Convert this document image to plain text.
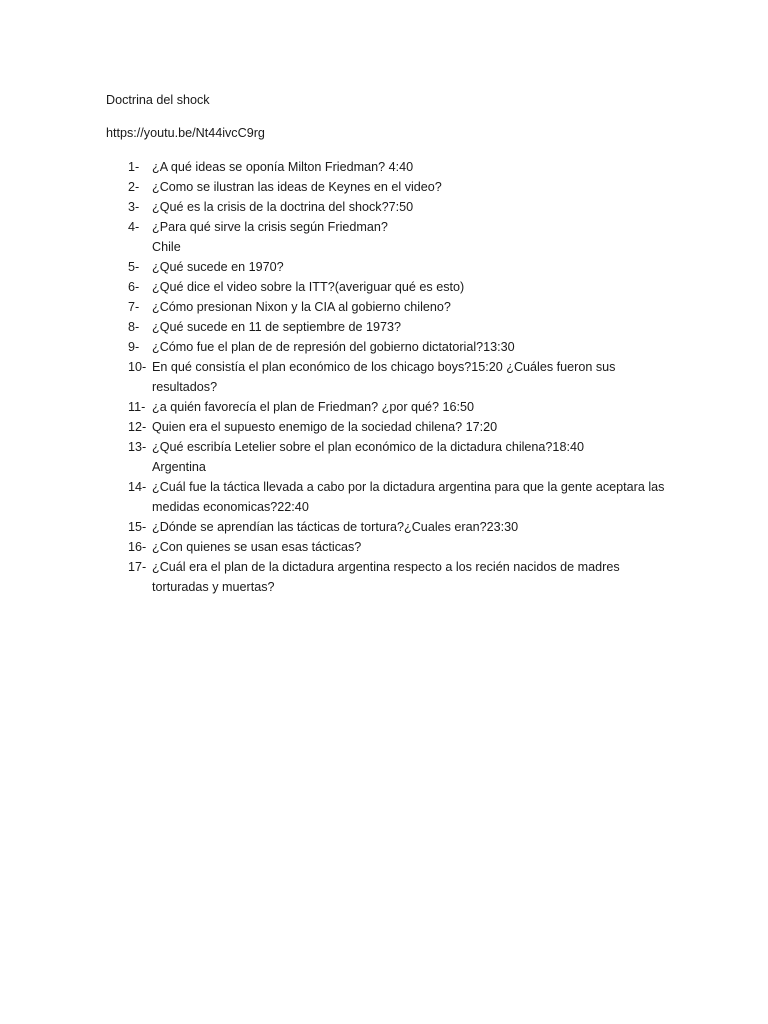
Doctrina del shock
https://youtu.be/Nt44ivcC9rg
1-	¿A qué ideas se oponía Milton Friedman? 4:40
2-	¿Como se ilustran las ideas de Keynes en el video?
3-	¿Qué es la crisis de la doctrina del shock?7:50
4-	¿Para qué sirve la crisis según Friedman?
Chile
5-	¿Qué sucede en 1970?
6-	¿Qué dice el video sobre la ITT?(averiguar qué es esto)
7-	¿Cómo presionan Nixon y la CIA al gobierno chileno?
8-	¿Qué sucede en 11 de septiembre de 1973?
9-	¿Cómo fue el plan de de represión del gobierno dictatorial?13:30
10- En qué consistía el plan económico de los chicago boys?15:20 ¿Cuáles fueron sus resultados?
11- ¿a quién favorecía el plan de Friedman? ¿por qué? 16:50
12- Quien era el supuesto enemigo de la sociedad chilena? 17:20
13- ¿Qué escribía Letelier sobre el plan económico de la dictadura chilena?18:40
Argentina
14- ¿Cuál fue la táctica llevada a cabo por la dictadura argentina para que la gente aceptara las medidas economicas?22:40
15- ¿Dónde se aprendían las tácticas de tortura?¿Cuales eran?23:30
16- ¿Con quienes se usan esas tácticas?
17- ¿Cuál era el plan de la dictadura argentina respecto a los recién nacidos de madres torturadas y muertas?
